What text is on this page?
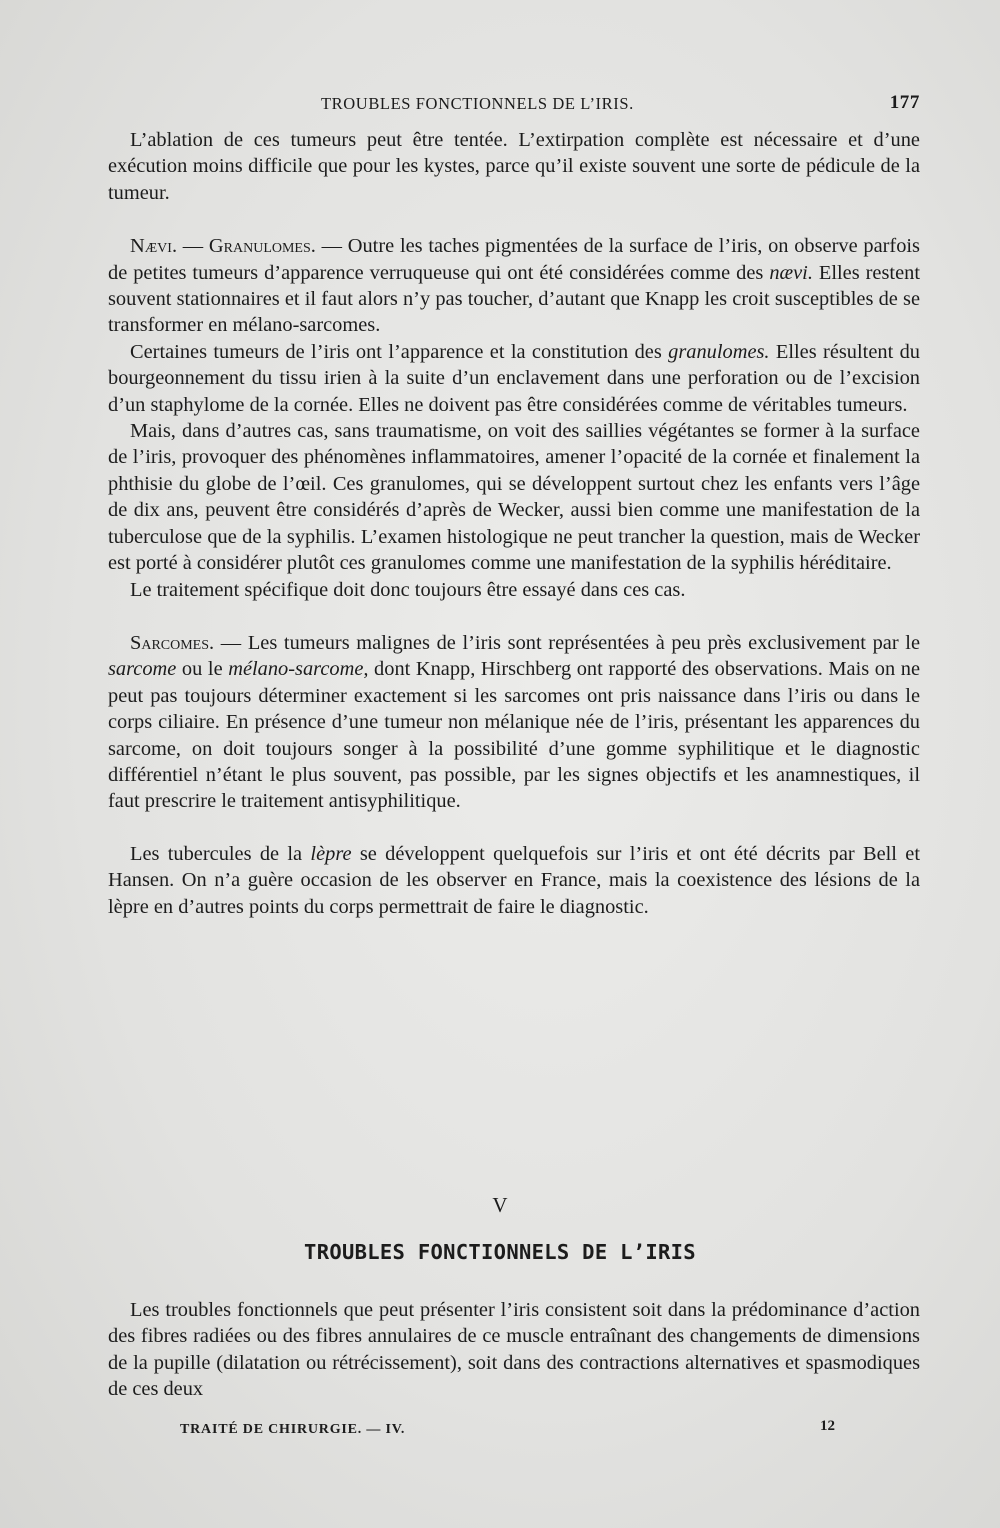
TROUBLES FONCTIONNELS DE L’IRIS.	177

L’ablation de ces tumeurs peut être tentée. L’extirpation complète est nécessaire et d’une exécution moins difficile que pour les kystes, parce qu’il existe souvent une sorte de pédicule de la tumeur.

Nævi. — Granulomes. — Outre les taches pigmentées de la surface de l’iris, on observe parfois de petites tumeurs d’apparence verruqueuse qui ont été considérées comme des nævi. Elles restent souvent stationnaires et il faut alors n’y pas toucher, d’autant que Knapp les croit susceptibles de se transformer en mélano-sarcomes.

Certaines tumeurs de l’iris ont l’apparence et la constitution des granulomes. Elles résultent du bourgeonnement du tissu irien à la suite d’un enclavement dans une perforation ou de l’excision d’un staphylome de la cornée. Elles ne doivent pas être considérées comme de véritables tumeurs.

Mais, dans d’autres cas, sans traumatisme, on voit des saillies végétantes se former à la surface de l’iris, provoquer des phénomènes inflammatoires, amener l’opacité de la cornée et finalement la phthisie du globe de l’œil. Ces granulomes, qui se développent surtout chez les enfants vers l’âge de dix ans, peuvent être considérés d’après de Wecker, aussi bien comme une manifestation de la tuberculose que de la syphilis. L’examen histologique ne peut trancher la question, mais de Wecker est porté à considérer plutôt ces granulomes comme une manifestation de la syphilis héréditaire.

Le traitement spécifique doit donc toujours être essayé dans ces cas.

Sarcomes. — Les tumeurs malignes de l’iris sont représentées à peu près exclusivement par le sarcome ou le mélano-sarcome, dont Knapp, Hirschberg ont rapporté des observations. Mais on ne peut pas toujours déterminer exactement si les sarcomes ont pris naissance dans l’iris ou dans le corps ciliaire. En présence d’une tumeur non mélanique née de l’iris, présentant les apparences du sarcome, on doit toujours songer à la possibilité d’une gomme syphilitique et le diagnostic différentiel n’étant le plus souvent, pas possible, par les signes objectifs et les anamnestiques, il faut prescrire le traitement antisyphilitique.

Les tubercules de la lèpre se développent quelquefois sur l’iris et ont été décrits par Bell et Hansen. On n’a guère occasion de les observer en France, mais la coexistence des lésions de la lèpre en d’autres points du corps permettrait de faire le diagnostic.

V
TROUBLES FONCTIONNELS DE L’IRIS

Les troubles fonctionnels que peut présenter l’iris consistent soit dans la prédominance d’action des fibres radiées ou des fibres annulaires de ce muscle entraînant des changements de dimensions de la pupille (dilatation ou rétrécissement), soit dans des contractions alternatives et spasmodiques de ces deux

TRAITÉ DE CHIRURGIE. — IV.	12
